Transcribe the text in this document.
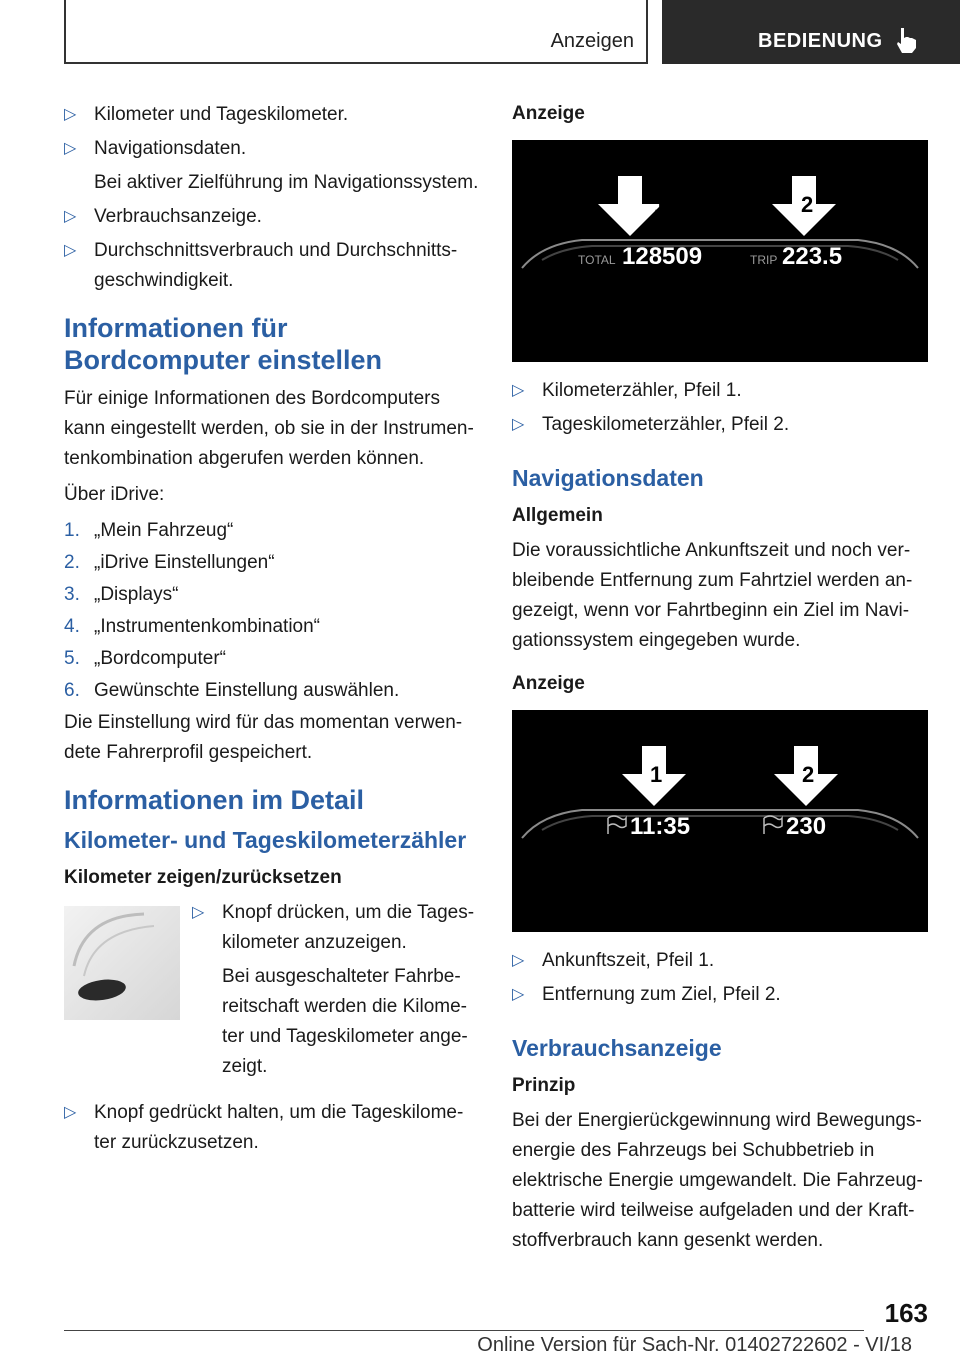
Anzeigen	BEDIENUNG
▷ Kilometer und Tageskilometer.
▷ Navigationsdaten.
Bei aktiver Zielführung im Navigationssystem.
▷ Verbrauchsanzeige.
▷ Durchschnittsverbrauch und Durchschnitts-geschwindigkeit.
Informationen für Bordcomputer einstellen

Für einige Informationen des Bordcomputers kann eingestellt werden, ob sie in der Instrumen-tenkombination abgerufen werden können.

Über iDrive:

1. „Mein Fahrzeug“
2. „iDrive Einstellungen“
3. „Displays“
4. „Instrumentenkombination“
5. „Bordcomputer“
6. Gewünschte Einstellung auswählen.

Die Einstellung wird für das momentan verwen-dete Fahrerprofil gespeichert.

Informationen im Detail
Kilometer- und Tageskilometerzähler
Kilometer zeigen/zurücksetzen
▷ Knopf drücken, um die Tages-kilometer anzuzeigen.
Bei ausgeschalteter Fahrbe-reitschaft werden die Kilome-ter und Tageskilometer ange-zeigt.
▷ Knopf gedrückt halten, um die Tageskilome-ter zurückzusetzen.
Anzeige
1	2
TOTAL 128509	TRIP 223.5
▷ Kilometerzähler, Pfeil 1.
▷ Tageskilometerzähler, Pfeil 2.
Navigationsdaten
Allgemein

Die voraussichtliche Ankunftszeit und noch ver-bleibende Entfernung zum Fahrtziel werden an-gezeigt, wenn vor Fahrtbeginn ein Ziel im Navi-gationssystem eingegeben wurde.

Anzeige
1	2
11:35	230
▷ Ankunftszeit, Pfeil 1.
▷ Entfernung zum Ziel, Pfeil 2.
Verbrauchsanzeige
Prinzip

Bei der Energierückgewinnung wird Bewegungs-energie des Fahrzeugs bei Schubbetrieb in elektrische Energie umgewandelt. Die Fahrzeug-batterie wird teilweise aufgeladen und der Kraft-stoffverbrauch kann gesenkt werden.

163
Online Version für Sach-Nr. 01402722602 - VI/18
